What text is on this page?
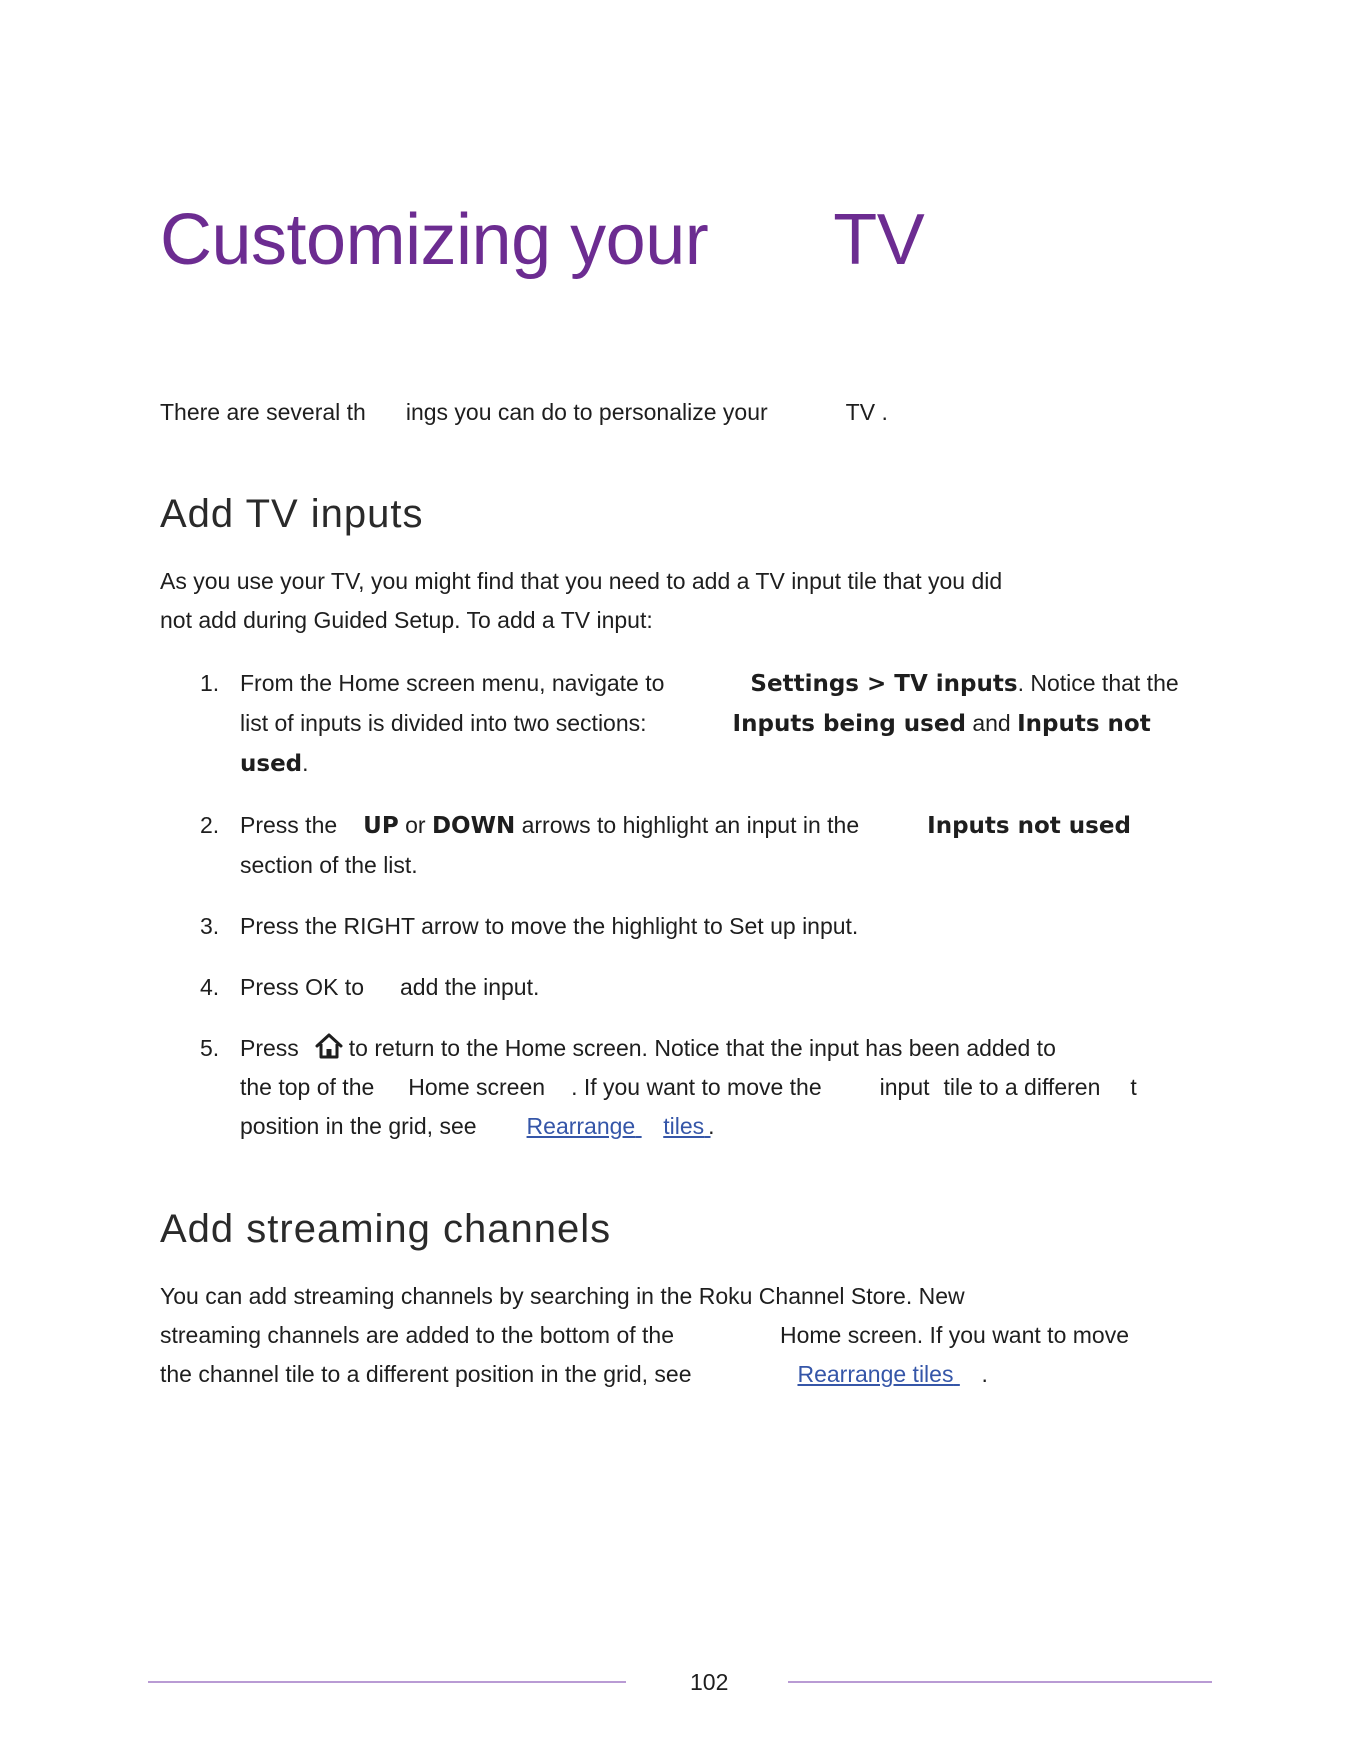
Customizing your TV

There are several th ings you can do to personalize your	TV .

Add TV inputs

As you use your TV, you might find that you need to add a TV input tile that you did
not add during Guided Setup. To add a TV input:

1. From the Home screen menu, navigate to	Settings > TV inputs. Notice that the
list of inputs is divided into two sections:	Inputs being used and Inputs not
used.
2. Press the UP or DOWN arrows to highlight an input in the	Inputs not used
section of the list.
3. Press the RIGHT arrow to move the highlight to Set up input.
4. Press OK to add the input.
5. Press to return to the Home screen. Notice that the input has been added to
the top of the Home screen . If you want to move the	input tile to a differen t
position in the grid, see Rearrange tiles .
Add streaming channels

You can add streaming channels by searching in the Roku Channel Store. New
streaming channels are added to the bottom of the	Home screen. If you want to move
the channel tile to a different position in the grid, see	Rearrange tiles .

102
